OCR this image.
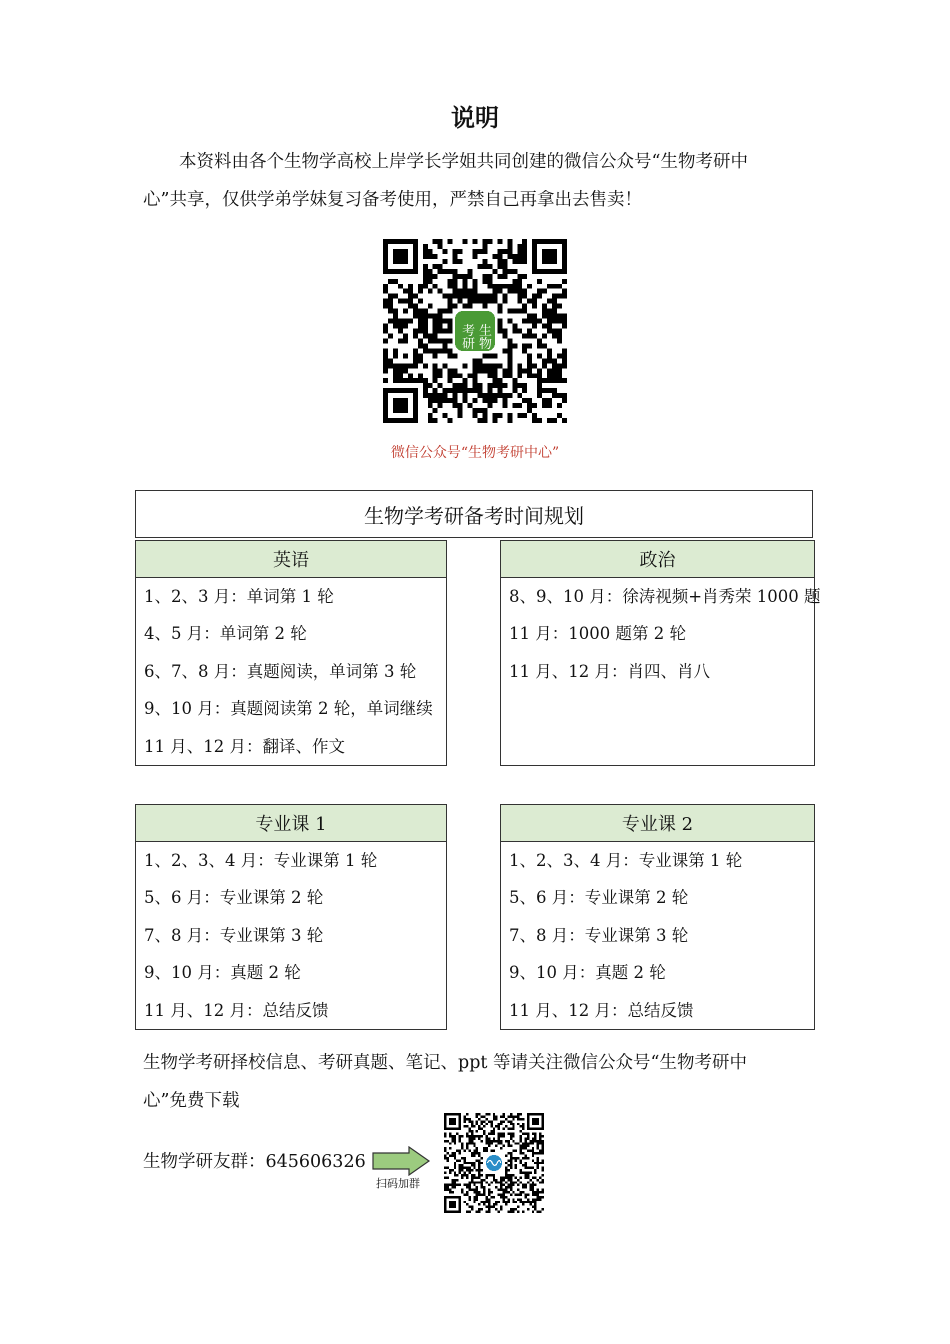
说明

本资料由各个生物学高校上岸学长学姐共同创建的微信公众号“生物考研中
心”共享，仅供学弟学妹复习备考使用，严禁自己再拿出去售卖！

生物
考研
微信公众号“生物考研中心”
生物学考研备考时间规划
英语
1、2、3 月：单词第 1 轮
4、5 月：单词第 2 轮
6、7、8 月：真题阅读，单词第 3 轮
9、10 月：真题阅读第 2 轮，单词继续
11 月、12 月：翻译、作文
政治
8、9、10 月：徐涛视频+肖秀荣 1000 题
11 月：1000 题第 2 轮
11 月、12 月：肖四、肖八
专业课 1
1、2、3、4 月：专业课第 1 轮
5、6 月：专业课第 2 轮
7、8 月：专业课第 3 轮
9、10 月：真题 2 轮
11 月、12 月：总结反馈
专业课 2
1、2、3、4 月：专业课第 1 轮
5、6 月：专业课第 2 轮
7、8 月：专业课第 3 轮
9、10 月：真题 2 轮
11 月、12 月：总结反馈
生物学考研择校信息、考研真题、笔记、ppt 等请关注微信公众号“生物考研中
心”免费下载
生物学研友群：645606326
扫码加群
